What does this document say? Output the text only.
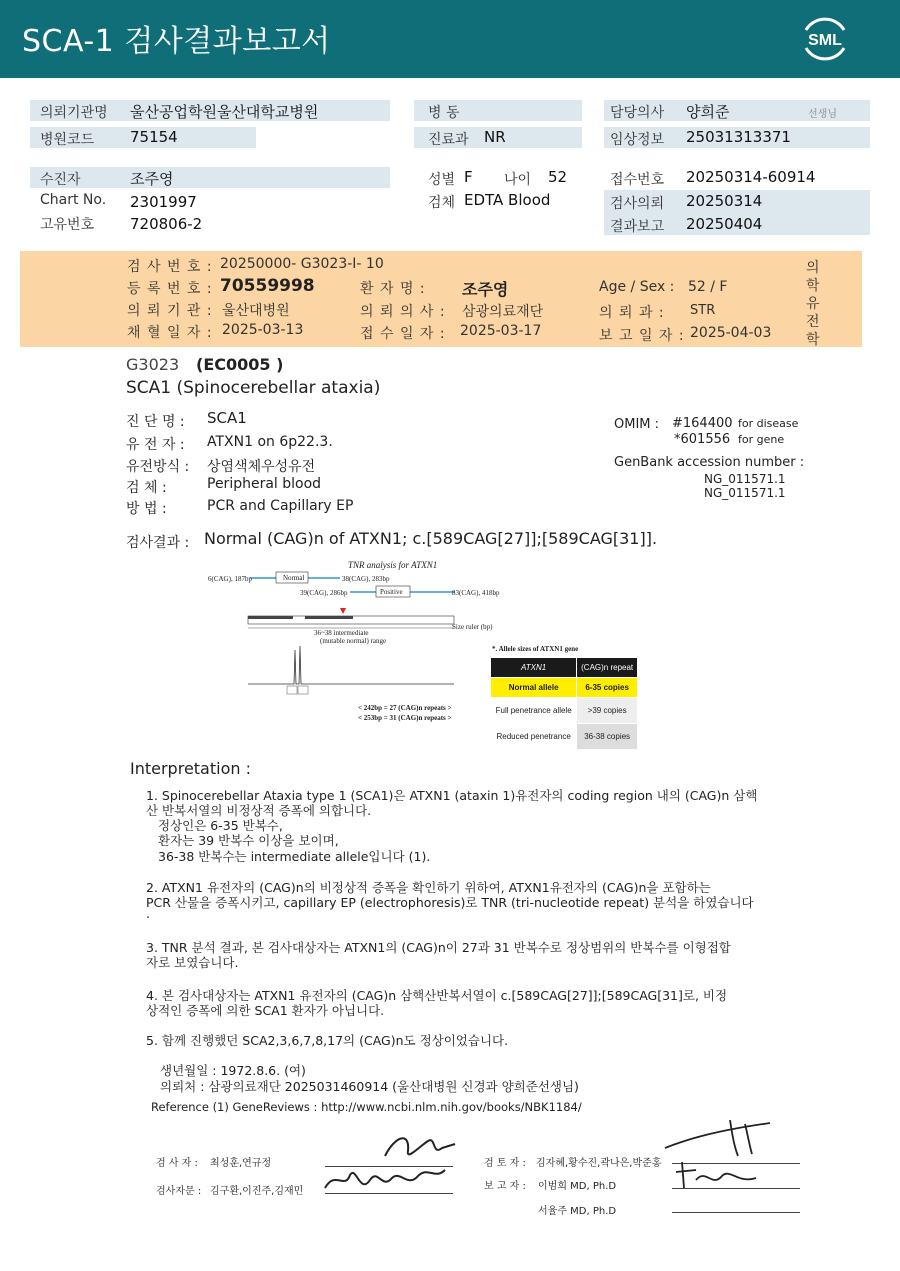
SCA-1 검사결과보고서	SML
의뢰기관명 울산공업학원울산대학교병원	병 동	담당의사 양희준	선생님
병원코드 75154	진료과 NR	임상정보 25031313371
수진자	조주영	성별 F 나이 52	접수번호 20250314-60914
Chart No. 2301997	검체 EDTA Blood	검사의뢰 20250314
고유번호 720806-2	결과보고 20250404
검 사 번 호 : 20250000- G3023-I- 10
등 록 번 호 : 70559998	환 자 명 : 조주영	Age / Sex : 52 / F
의 뢰 기 관 : 울산대병원	의 뢰 의 사 : 삼광의료재단	의 뢰 과 : STR
채 혈 일 자 : 2025-03-13	접 수 일 자 : 2025-03-17	보 고 일 자 : 2025-04-03
의
학
유
전
학
G3023 (EC0005 )
SCA1 (Spinocerebellar ataxia)
진 단 명 : SCA1
유 전 자 : ATXN1 on 6p22.3.
유전방식 : 상염색체우성유전
검 체 :	Peripheral blood
방 법 :	PCR and Capillary EP
OMIM : #164400 for disease
*601556 for gene
GenBank accession number :
NG_011571.1
NG_011571.1
검사결과 : Normal (CAG)n of ATXN1; c.[589CAG[27]];[589CAG[31]].
TNR analysis for ATXN1
6(CAG), 187bp	Normal	38(CAG), 283bp
39(CAG), 286bp	Positive	83(CAG), 418bp
Size ruler (bp)
36~38 intermediate
(mutable normal) range
< 242bp = 27 (CAG)n repeats >
< 253bp = 31 (CAG)n repeats >
*. Allele sizes of ATXN1 gene
ATXN1	(CAG)n repeat
Normal allele	6-35 copies
Full penetrance allele	>39 copies
Reduced penetrance	36-38 copies
Interpretation :
1. Spinocerebellar Ataxia type 1 (SCA1)은 ATXN1 (ataxin 1)유전자의 coding region 내의 (CAG)n 삼핵
산 반복서열의 비정상적 증폭에 의합니다.
정상인은 6-35 반복수,
환자는 39 반복수 이상을 보이며,
36-38 반복수는 intermediate allele입니다 (1).
2. ATXN1 유전자의 (CAG)n의 비정상적 증폭을 확인하기 위하여, ATXN1유전자의 (CAG)n을 포함하는
PCR 산물을 증폭시키고, capillary EP (electrophoresis)로 TNR (tri-nucleotide repeat) 분석을 하였습니다
.
3. TNR 분석 결과, 본 검사대상자는 ATXN1의 (CAG)n이 27과 31 반복수로 정상범위의 반복수를 이형접합
자로 보였습니다.
4. 본 검사대상자는 ATXN1 유전자의 (CAG)n 삼핵산반복서열이 c.[589CAG[27]];[589CAG[31]로, 비정
상적인 증폭에 의한 SCA1 환자가 아닙니다.
5. 함께 진행했던 SCA2,3,6,7,8,17의 (CAG)n도 정상이었습니다.
생년월일 : 1972.8.6. (여)
의뢰처 : 삼광의료재단 2025031460914 (울산대병원 신경과 양희준선생님)
Reference (1) GeneReviews : http://www.ncbi.nlm.nih.gov/books/NBK1184/
검 사 자 : 최성훈,연규정
검사자문 : 김구환,이진주,김재민
검 토 자 : 김자혜,황수진,곽나은,박준홍
보 고 자 : 이범희 MD, Ph.D
서율주 MD, Ph.D
